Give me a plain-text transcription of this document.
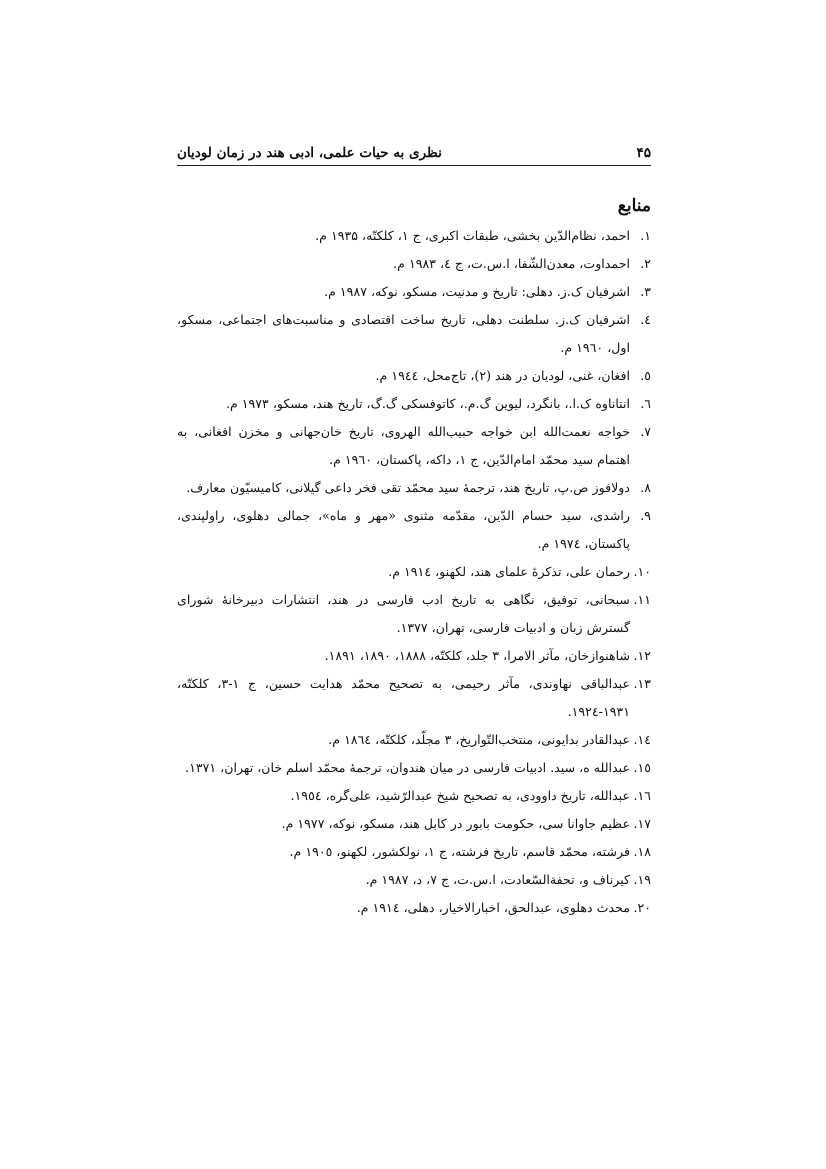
۴۵
نظری به حیات علمی، ادبی هند در زمان لودیان
منابع
۱.
احمد، نظام‌الدّین بخشی، طبقات اکبری، ج ۱، کلکتّه، ۱۹۳۵ م.
۲.
احمداوت، معدن‌الشّفا، ا.س.ت، ج ٤، ۱۹۸۳ م.
۳.
اشرفیان ک.ز. دهلی: تاریخ و مدنیت، مسکو، نوکه، ۱۹۸۷ م.
٤.
اشرفیان ک.ز. سلطنت دهلی، تاریخ ساخت اقتصادی و مناسبت‌های اجتماعی، مسکو، اول، ۱۹٦۰ م.
٥.
افغان، غنی، لودیان در هند (۲)، تاج‌محل، ۱۹٤٤ م.
٦.
انتاناوه ک.ا.، بانگرد، لیوین گ.م.، کاتوفسکی گ.گ، تاریخ هند، مسکو، ۱۹۷۳ م.
۷.
خواجه نعمت‌الله ابن خواجه حبیب‌الله الهروی، تاریخ خان‌جهانی و مخزن افغانی، به اهتمام سید محمّد امام‌الدّین، ج ۱، داکه، پاکستان، ۱۹٦۰ م.
۸.
دولافوز ص.پ، تاریخ هند، ترجمهٔ سید محمّد تقی فخر داعی گیلانی، کامیسیّون معارف.
۹.
راشدی، سید حسام الدّین، مقدّمه مثنوی «مهر و ماه»، جمالی دهلوی، راولپندی، پاکستان، ۱۹۷٤ م.
۱۰.
رحمان علی، تذکرهٔ علمای هند، لکهنو، ۱۹۱٤ م.
۱۱.
سبحانی، توفیق، نگاهی به تاریخ ادب فارسی در هند، انتشارات دبیرخانهٔ شورای گسترش زبان و ادبیات فارسی، تهران، ۱۳۷۷.
۱۲.
شاهنوازخان، مآثر الامرا، ۳ جلد، کلکتّه، ۱۸۸۸، ۱۸۹۰، ۱۸۹۱.
۱۳.
عبدالباقی نهاوندی، مآثر رحیمی، به تصحیح محمّد هدایت حسین، ج ۱-۳، کلکتّه، ۱۹۳۱-۱۹۲٤.
۱٤.
عبدالقادر بدایونی، منتخب‌التّواریخ، ۳ مجلّد، کلکتّه، ۱۸٦٤ م.
۱٥.
عبدالله ه، سید. ادبیات فارسی در میان هندوان، ترجمهٔ محمّد اسلم خان، تهران، ۱۳۷۱.
۱٦.
عبدالله، تاریخ داوودی، به تصحیح شیخ عبدالرّشید، علی‌گره، ۱۹٥٤.
۱۷.
عظیم جاوانا سی، حکومت بابور در کابل هند، مسکو، نوکه، ۱۹۷۷ م.
۱۸.
فرشته، محمّد قاسم، تاریخ فرشته، ج ۱، نولکشور، لکهنو، ۱۹۰٥ م.
۱۹.
کیرناف و، تحفةالسّعادت، ا.س.ت، ج ۷، د، ۱۹۸۷ م.
۲۰.
محدث دهلوی، عبدالحق، اخبارالاخیار، دهلی، ۱۹۱٤ م.
